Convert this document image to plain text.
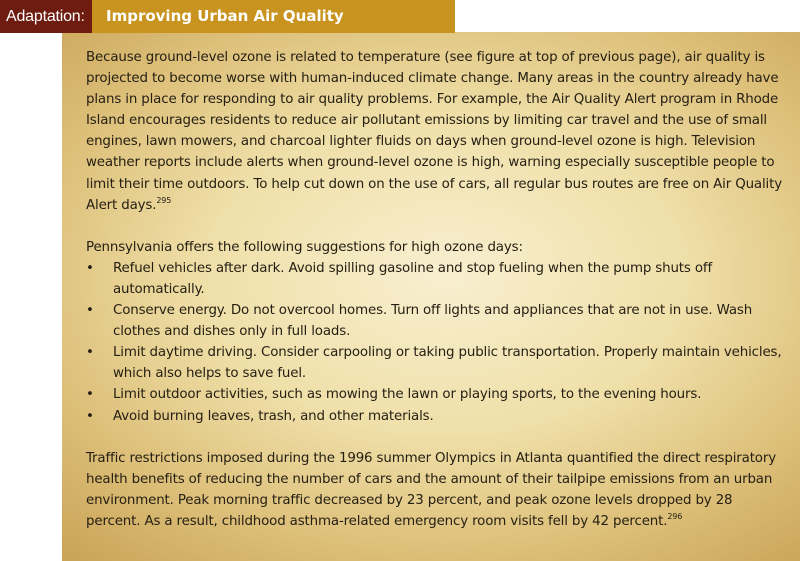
Adaptation:	Improving Urban Air Quality

Because ground-level ozone is related to temperature (see figure at top of previous page), air quality is projected to become worse with human-induced climate change. Many areas in the country already have plans in place for responding to air quality problems. For example, the Air Quality Alert program in Rhode Island encourages residents to reduce air pollutant emissions by limiting car travel and the use of small engines, lawn mowers, and charcoal lighter fluids on days when ground-level ozone is high. Television weather reports include alerts when ground-level ozone is high, warning especially susceptible people to limit their time outdoors. To help cut down on the use of cars, all regular bus routes are free on Air Quality Alert days.$^{295}$

Pennsylvania offers the following suggestions for high ozone days:

• Refuel vehicles after dark. Avoid spilling gasoline and stop fueling when the pump shuts off automatically.
• Conserve energy. Do not overcool homes. Turn off lights and appliances that are not in use. Wash clothes and dishes only in full loads.
• Limit daytime driving. Consider carpooling or taking public transportation. Properly maintain vehicles, which also helps to save fuel.
• Limit outdoor activities, such as mowing the lawn or playing sports, to the evening hours.
• Avoid burning leaves, trash, and other materials.

Traffic restrictions imposed during the 1996 summer Olympics in Atlanta quantified the direct respiratory health benefits of reducing the number of cars and the amount of their tailpipe emissions from an urban environment. Peak morning traffic decreased by 23 percent, and peak ozone levels dropped by 28 percent. As a result, childhood asthma-related emergency room visits fell by 42 percent.$^{296}$
